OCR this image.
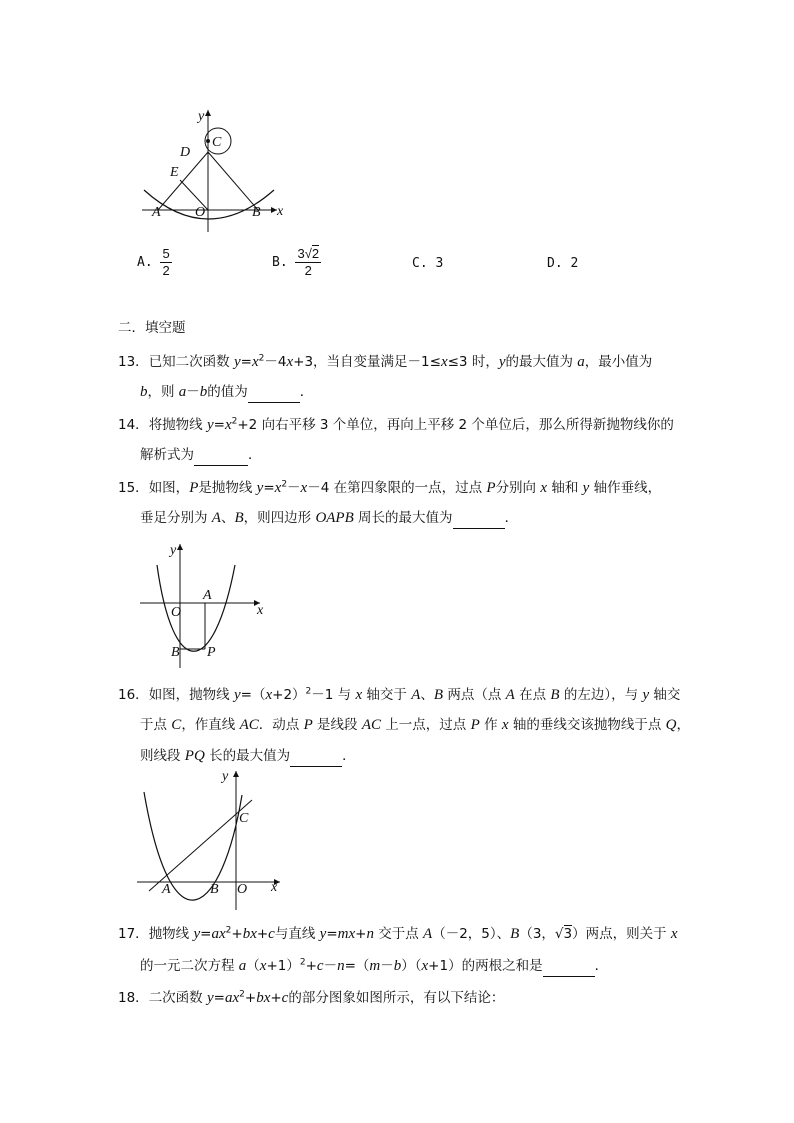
y
x
C
D
E
A O	B
A. $\frac{5}{2}$	B. $\frac{3√2}{2}$	C. 3	D. 2
二．填空题
13．已知二次函数 $y=x^2-4x+3$，当自变量满足－1≤x≤3 时，y的最大值为 a，最小值为
b，则 a－b的值为	．
14．将抛物线 $y=x^2+2$ 向右平移 3 个单位，再向上平移 2 个单位后，那么所得新抛物线你的
解析式为	．
15．如图，P是抛物线 $y=x^2-x-4$ 在第四象限的一点，过点 P分别向 x 轴和 y 轴作垂线，
垂足分别为 A、B，则四边形 OAPB 周长的最大值为	．
y
x
O
A
B P
16．如图，抛物线 $y=(x+2)^2-1$ 与 x 轴交于 A、B 两点（点 A 在点 B 的左边），与 y 轴交
于点 C，作直线 AC．动点 P 是线段 AC 上一点，过点 P 作 x 轴的垂线交该抛物线于点 Q，
则线段 PQ 长的最大值为	．
y
x
C
A	B O
17．抛物线 $y=ax^2+bx+c$与直线 y=mx+n 交于点 A（－2，5）、B（3，√3）两点，则关于 x
的一元二次方程 $a(x+1)^2+c-n=(m-b)(x+1)$的两根之和是	．
18．二次函数 $y=ax^2+bx+c$的部分图象如图所示，有以下结论：
